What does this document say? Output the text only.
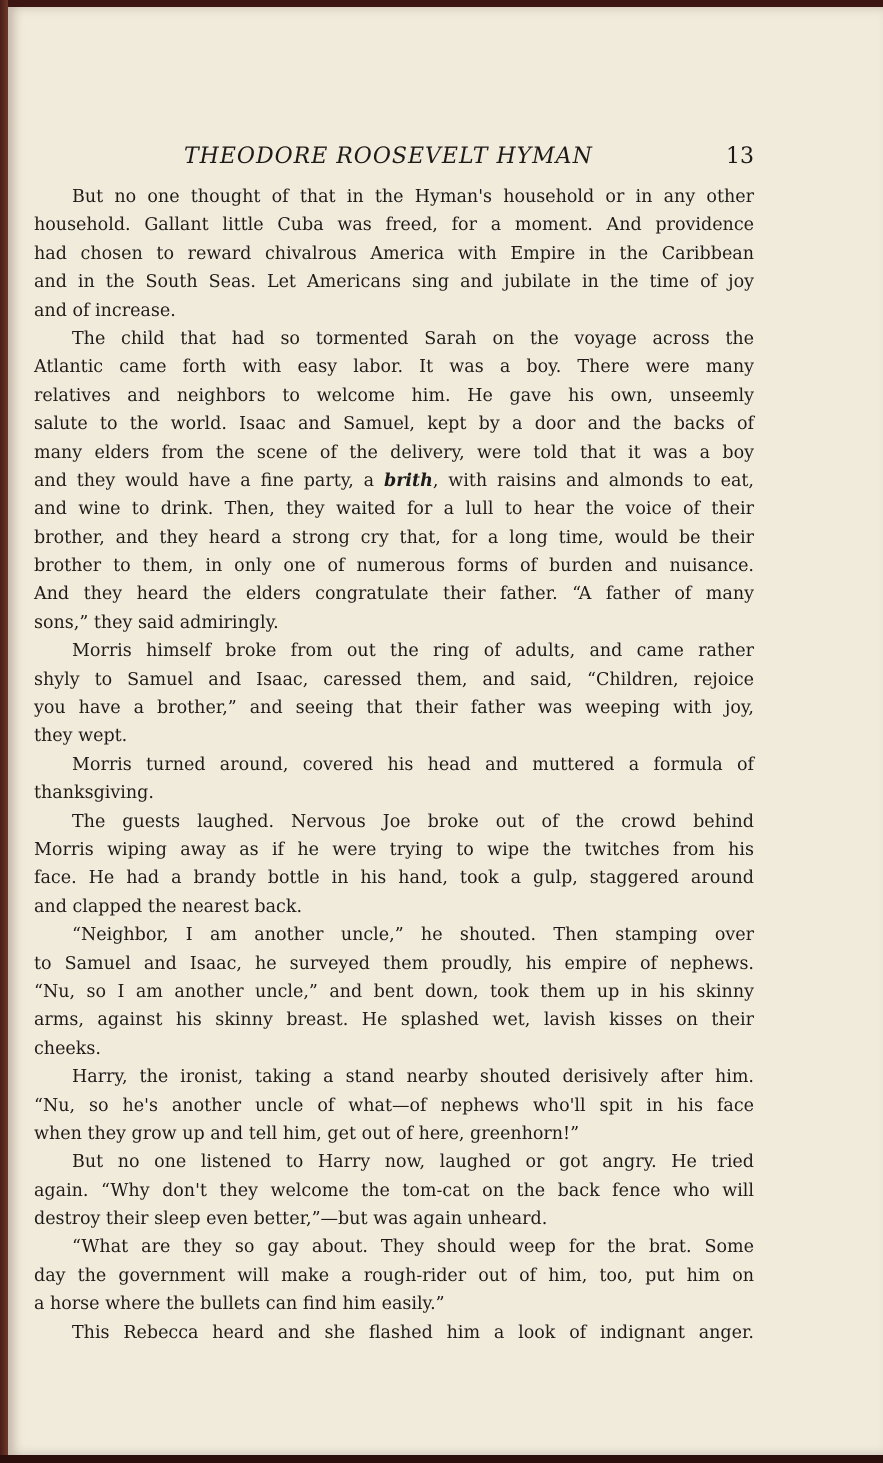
THEODORE ROOSEVELT HYMAN	13
But no one thought of that in the Hyman's household or in any other
household. Gallant little Cuba was freed, for a moment. And providence
had chosen to reward chivalrous America with Empire in the Caribbean
and in the South Seas. Let Americans sing and jubilate in the time of joy
and of increase.
The child that had so tormented Sarah on the voyage across the
Atlantic came forth with easy labor. It was a boy. There were many
relatives and neighbors to welcome him. He gave his own, unseemly
salute to the world. Isaac and Samuel, kept by a door and the backs of
many elders from the scene of the delivery, were told that it was a boy
and they would have a fine party, a brith, with raisins and almonds to eat,
and wine to drink. Then, they waited for a lull to hear the voice of their
brother, and they heard a strong cry that, for a long time, would be their
brother to them, in only one of numerous forms of burden and nuisance.
And they heard the elders congratulate their father. “A father of many
sons,” they said admiringly.
Morris himself broke from out the ring of adults, and came rather
shyly to Samuel and Isaac, caressed them, and said, “Children, rejoice
you have a brother,” and seeing that their father was weeping with joy,
they wept.
Morris turned around, covered his head and muttered a formula of
thanksgiving.
The guests laughed. Nervous Joe broke out of the crowd behind
Morris wiping away as if he were trying to wipe the twitches from his
face. He had a brandy bottle in his hand, took a gulp, staggered around
and clapped the nearest back.
“Neighbor, I am another uncle,” he shouted. Then stamping over
to Samuel and Isaac, he surveyed them proudly, his empire of nephews.
“Nu, so I am another uncle,” and bent down, took them up in his skinny
arms, against his skinny breast. He splashed wet, lavish kisses on their
cheeks.
Harry, the ironist, taking a stand nearby shouted derisively after him.
“Nu, so he's another uncle of what—of nephews who'll spit in his face
when they grow up and tell him, get out of here, greenhorn!”
But no one listened to Harry now, laughed or got angry. He tried
again. “Why don't they welcome the tom-cat on the back fence who will
destroy their sleep even better,”—but was again unheard.
“What are they so gay about. They should weep for the brat. Some
day the government will make a rough-rider out of him, too, put him on
a horse where the bullets can find him easily.”
This Rebecca heard and she flashed him a look of indignant anger.
